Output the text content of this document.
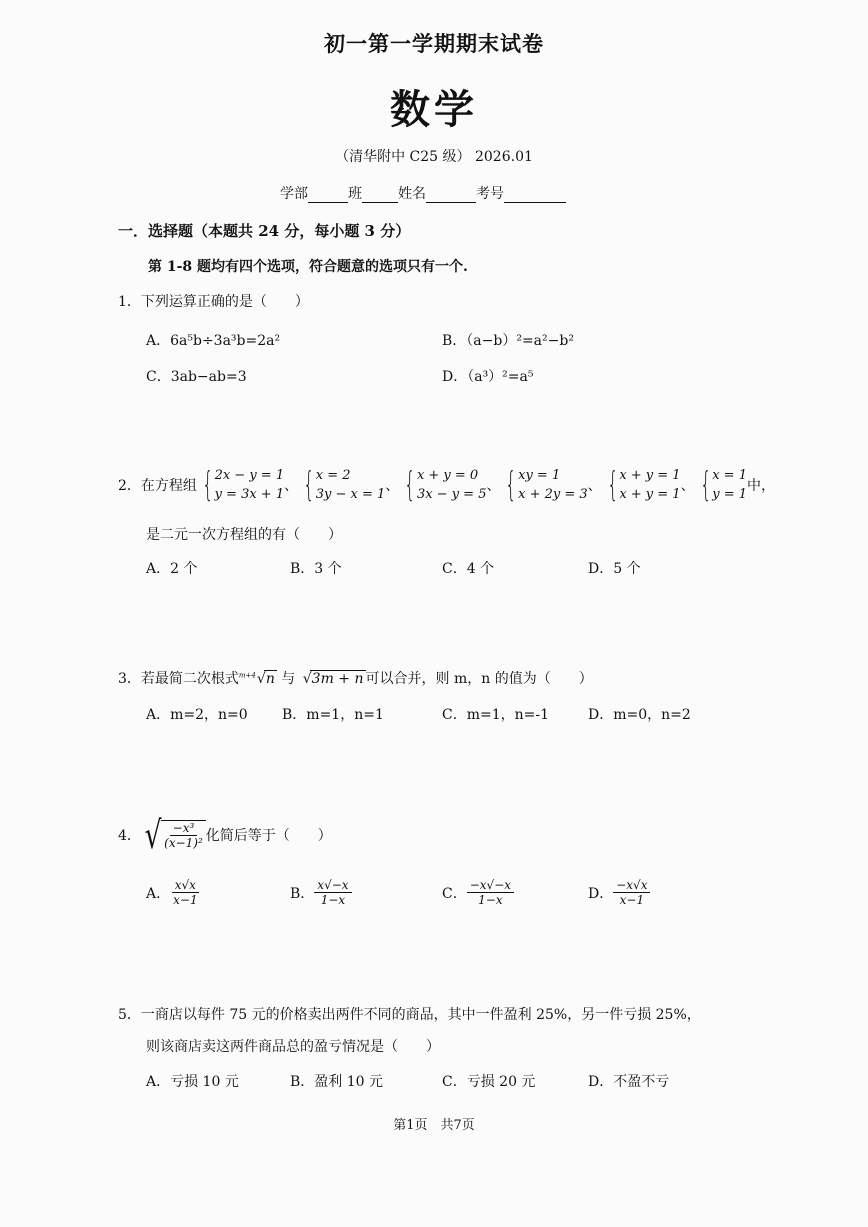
初一第一学期期末试卷
数学
（清华附中 C25 级） 2026.01
学部	班	姓名	考号
一．选择题（本题共 24 分，每小题 3 分）
第 1-8 题均有四个选项，符合题意的选项只有一个.
1．下列运算正确的是（　　）
A．6a⁵b÷3a³b=2a²	B．（a−b）²=a²−b²
C．3ab−ab=3	D．（a³）²=a⁵
2．在方程组 { 2x − y = 1
y = 3x + 1
、 { x = 2
3y − x = 1
、 { x + y = 0
3x − y = 5
、 { xy = 1
x + 2y = 3
、 { x + y = 1
x + y = 1
、 { x = 1
y = 1
中，
是二元一次方程组的有（　　）
A．2 个	B．3 个	C．4 个	D．5 个
3．若最简二次根式$^{m+4}$√ n 与 √ 3m + n 可以合并，则 m，n 的值为（　　）
A．m=2，n=0 B．m=1，n=1	C．m=1，n=-1	D．m=0，n=2
4． √ $\frac{\text{−x³}}{\text{(x−1)²}}$ 化简后等于（　　）
A． $\frac{x√x}{x-1}$	B． $\frac{x√-x}{1-x}$	C． $\frac{-x√-x}{1-x}$	D． $\frac{-x√x}{x-1}$
5．一商店以每件 75 元的价格卖出两件不同的商品，其中一件盈利 25%，另一件亏损 25%，
则该商店卖这两件商品总的盈亏情况是（　　）
A．亏损 10 元	B．盈利 10 元	C．亏损 20 元	D．不盈不亏
第1页　共7页
